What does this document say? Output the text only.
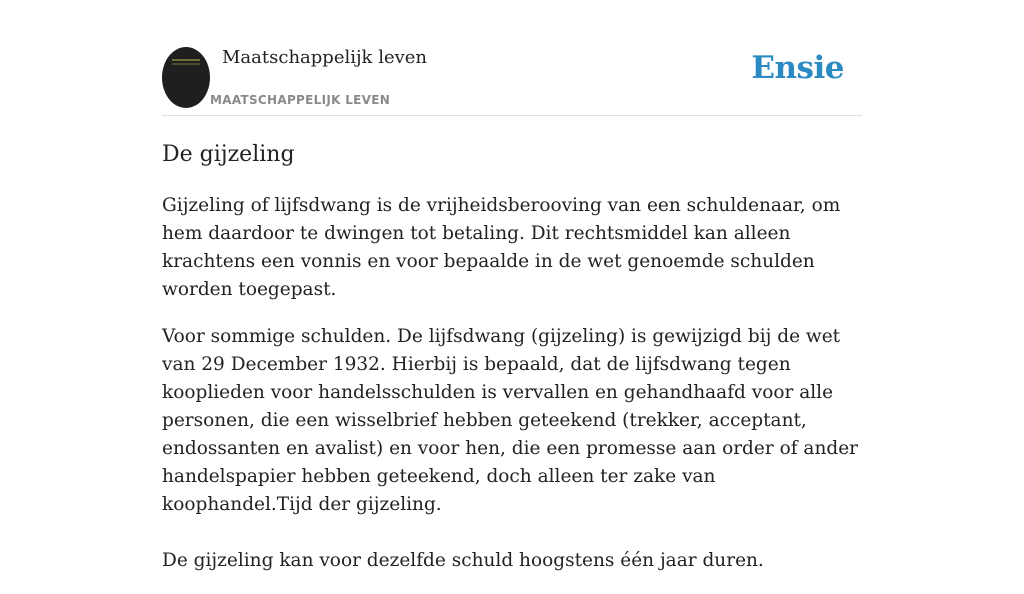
Maatschappelijk leven
MAATSCHAPPELIJK LEVEN
Ensie
De gijzeling

Gijzeling of lijfsdwang is de vrijheidsberooving van een schuldenaar, om hem daardoor te dwingen tot betaling. Dit rechtsmiddel kan alleen krachtens een vonnis en voor bepaalde in de wet genoemde schulden worden toegepast.

Voor sommige schulden. De lijfsdwang (gijzeling) is gewijzigd bij de wet van 29 December 1932. Hierbij is bepaald, dat de lijfsdwang tegen kooplieden voor handelsschulden is vervallen en gehandhaafd voor alle personen, die een wisselbrief hebben geteekend (trekker, acceptant, endossanten en avalist) en voor hen, die een promesse aan order of ander handelspapier hebben geteekend, doch alleen ter zake van koophandel.Tijd der gijzeling.

De gijzeling kan voor dezelfde schuld hoogstens één jaar duren.
